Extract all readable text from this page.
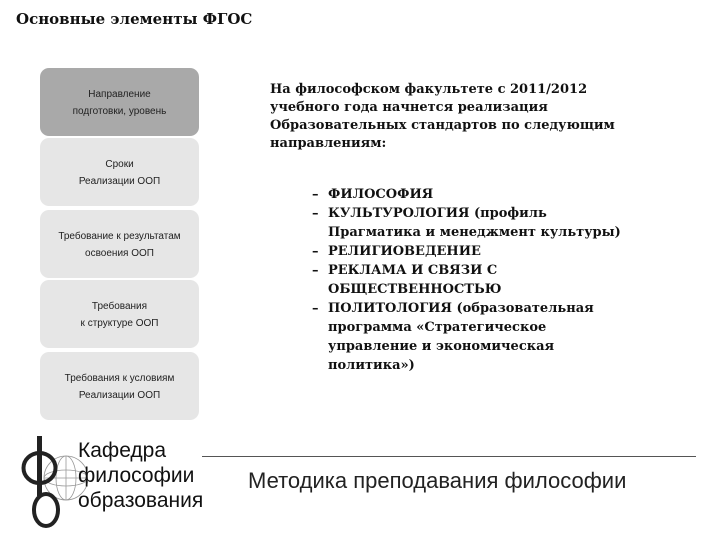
Основные элементы ФГОС
Направление
подготовки, уровень
Сроки
Реализации ООП
Требование к результатам
освоения ООП
Требования
к структуре ООП
Требования к условиям
Реализации ООП
На философском факультете с 2011/2012
учебного года начнется реализация
Образовательных стандартов по следующим
направлениям:
– ФИЛОСОФИЯ
– КУЛЬТУРОЛОГИЯ (профиль
Прагматика и менеджмент культуры)
– РЕЛИГИОВЕДЕНИЕ
– РЕКЛАМА И СВЯЗИ С
ОБЩЕСТВЕННОСТЬЮ
– ПОЛИТОЛОГИЯ (образовательная
программа «Стратегическое
управление и экономическая
политика»)
Кафедра
философии
образования
Методика преподавания философии
